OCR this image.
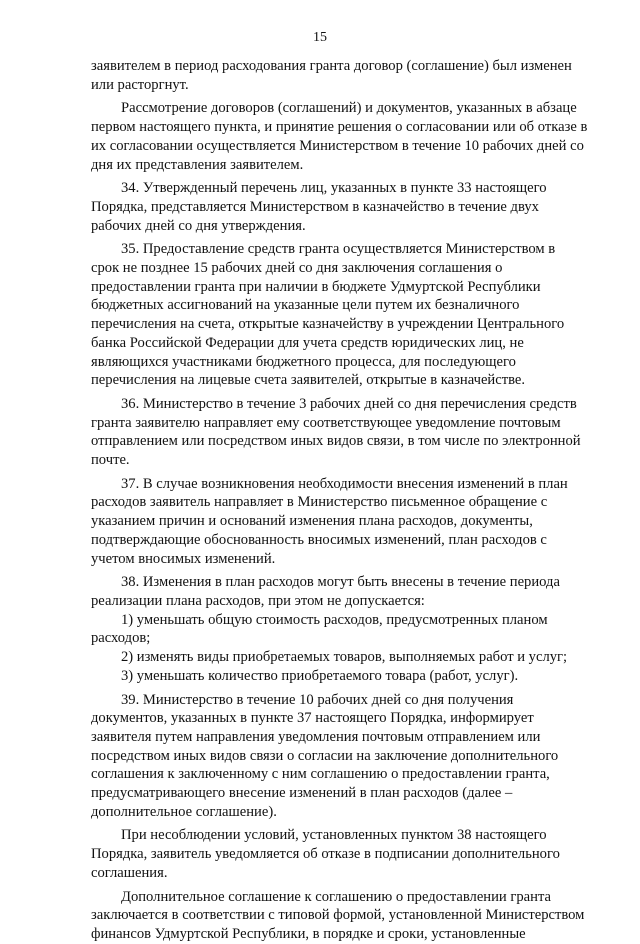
15

заявителем в период расходования гранта договор (соглашение) был изменен
или расторгнут.

Рассмотрение договоров (соглашений) и документов, указанных в абзаце
первом настоящего пункта, и принятие решения о согласовании или об отказе в
их согласовании осуществляется Министерством в течение 10 рабочих дней со
дня их представления заявителем.

34. Утвержденный перечень лиц, указанных в пункте 33 настоящего
Порядка, представляется Министерством в казначейство в течение двух
рабочих дней со дня утверждения.

35. Предоставление средств гранта осуществляется Министерством в
срок не позднее 15 рабочих дней со дня заключения соглашения о
предоставлении гранта при наличии в бюджете Удмуртской Республики
бюджетных ассигнований на указанные цели путем их безналичного
перечисления на счета, открытые казначейству в учреждении Центрального
банка Российской Федерации для учета средств юридических лиц, не
являющихся участниками бюджетного процесса, для последующего
перечисления на лицевые счета заявителей, открытые в казначействе.

36. Министерство в течение 3 рабочих дней со дня перечисления средств
гранта заявителю направляет ему соответствующее уведомление почтовым
отправлением или посредством иных видов связи, в том числе по электронной
почте.

37. В случае возникновения необходимости внесения изменений в план
расходов заявитель направляет в Министерство письменное обращение с
указанием причин и оснований изменения плана расходов, документы,
подтверждающие обоснованность вносимых изменений, план расходов с
учетом вносимых изменений.

38. Изменения в план расходов могут быть внесены в течение периода
реализации плана расходов, при этом не допускается:

1) уменьшать общую стоимость расходов, предусмотренных планом
расходов;

2) изменять виды приобретаемых товаров, выполняемых работ и услуг;

3) уменьшать количество приобретаемого товара (работ, услуг).

39. Министерство в течение 10 рабочих дней со дня получения
документов, указанных в пункте 37 настоящего Порядка, информирует
заявителя путем направления уведомления почтовым отправлением или
посредством иных видов связи о согласии на заключение дополнительного
соглашения к заключенному с ним соглашению о предоставлении гранта,
предусматривающего внесение изменений в план расходов (далее –
дополнительное соглашение).

При несоблюдении условий, установленных пунктом 38 настоящего
Порядка, заявитель уведомляется об отказе в подписании дополнительного
соглашения.

Дополнительное соглашение к соглашению о предоставлении гранта
заключается в соответствии с типовой формой, установленной Министерством
финансов Удмуртской Республики, в порядке и сроки, установленные
